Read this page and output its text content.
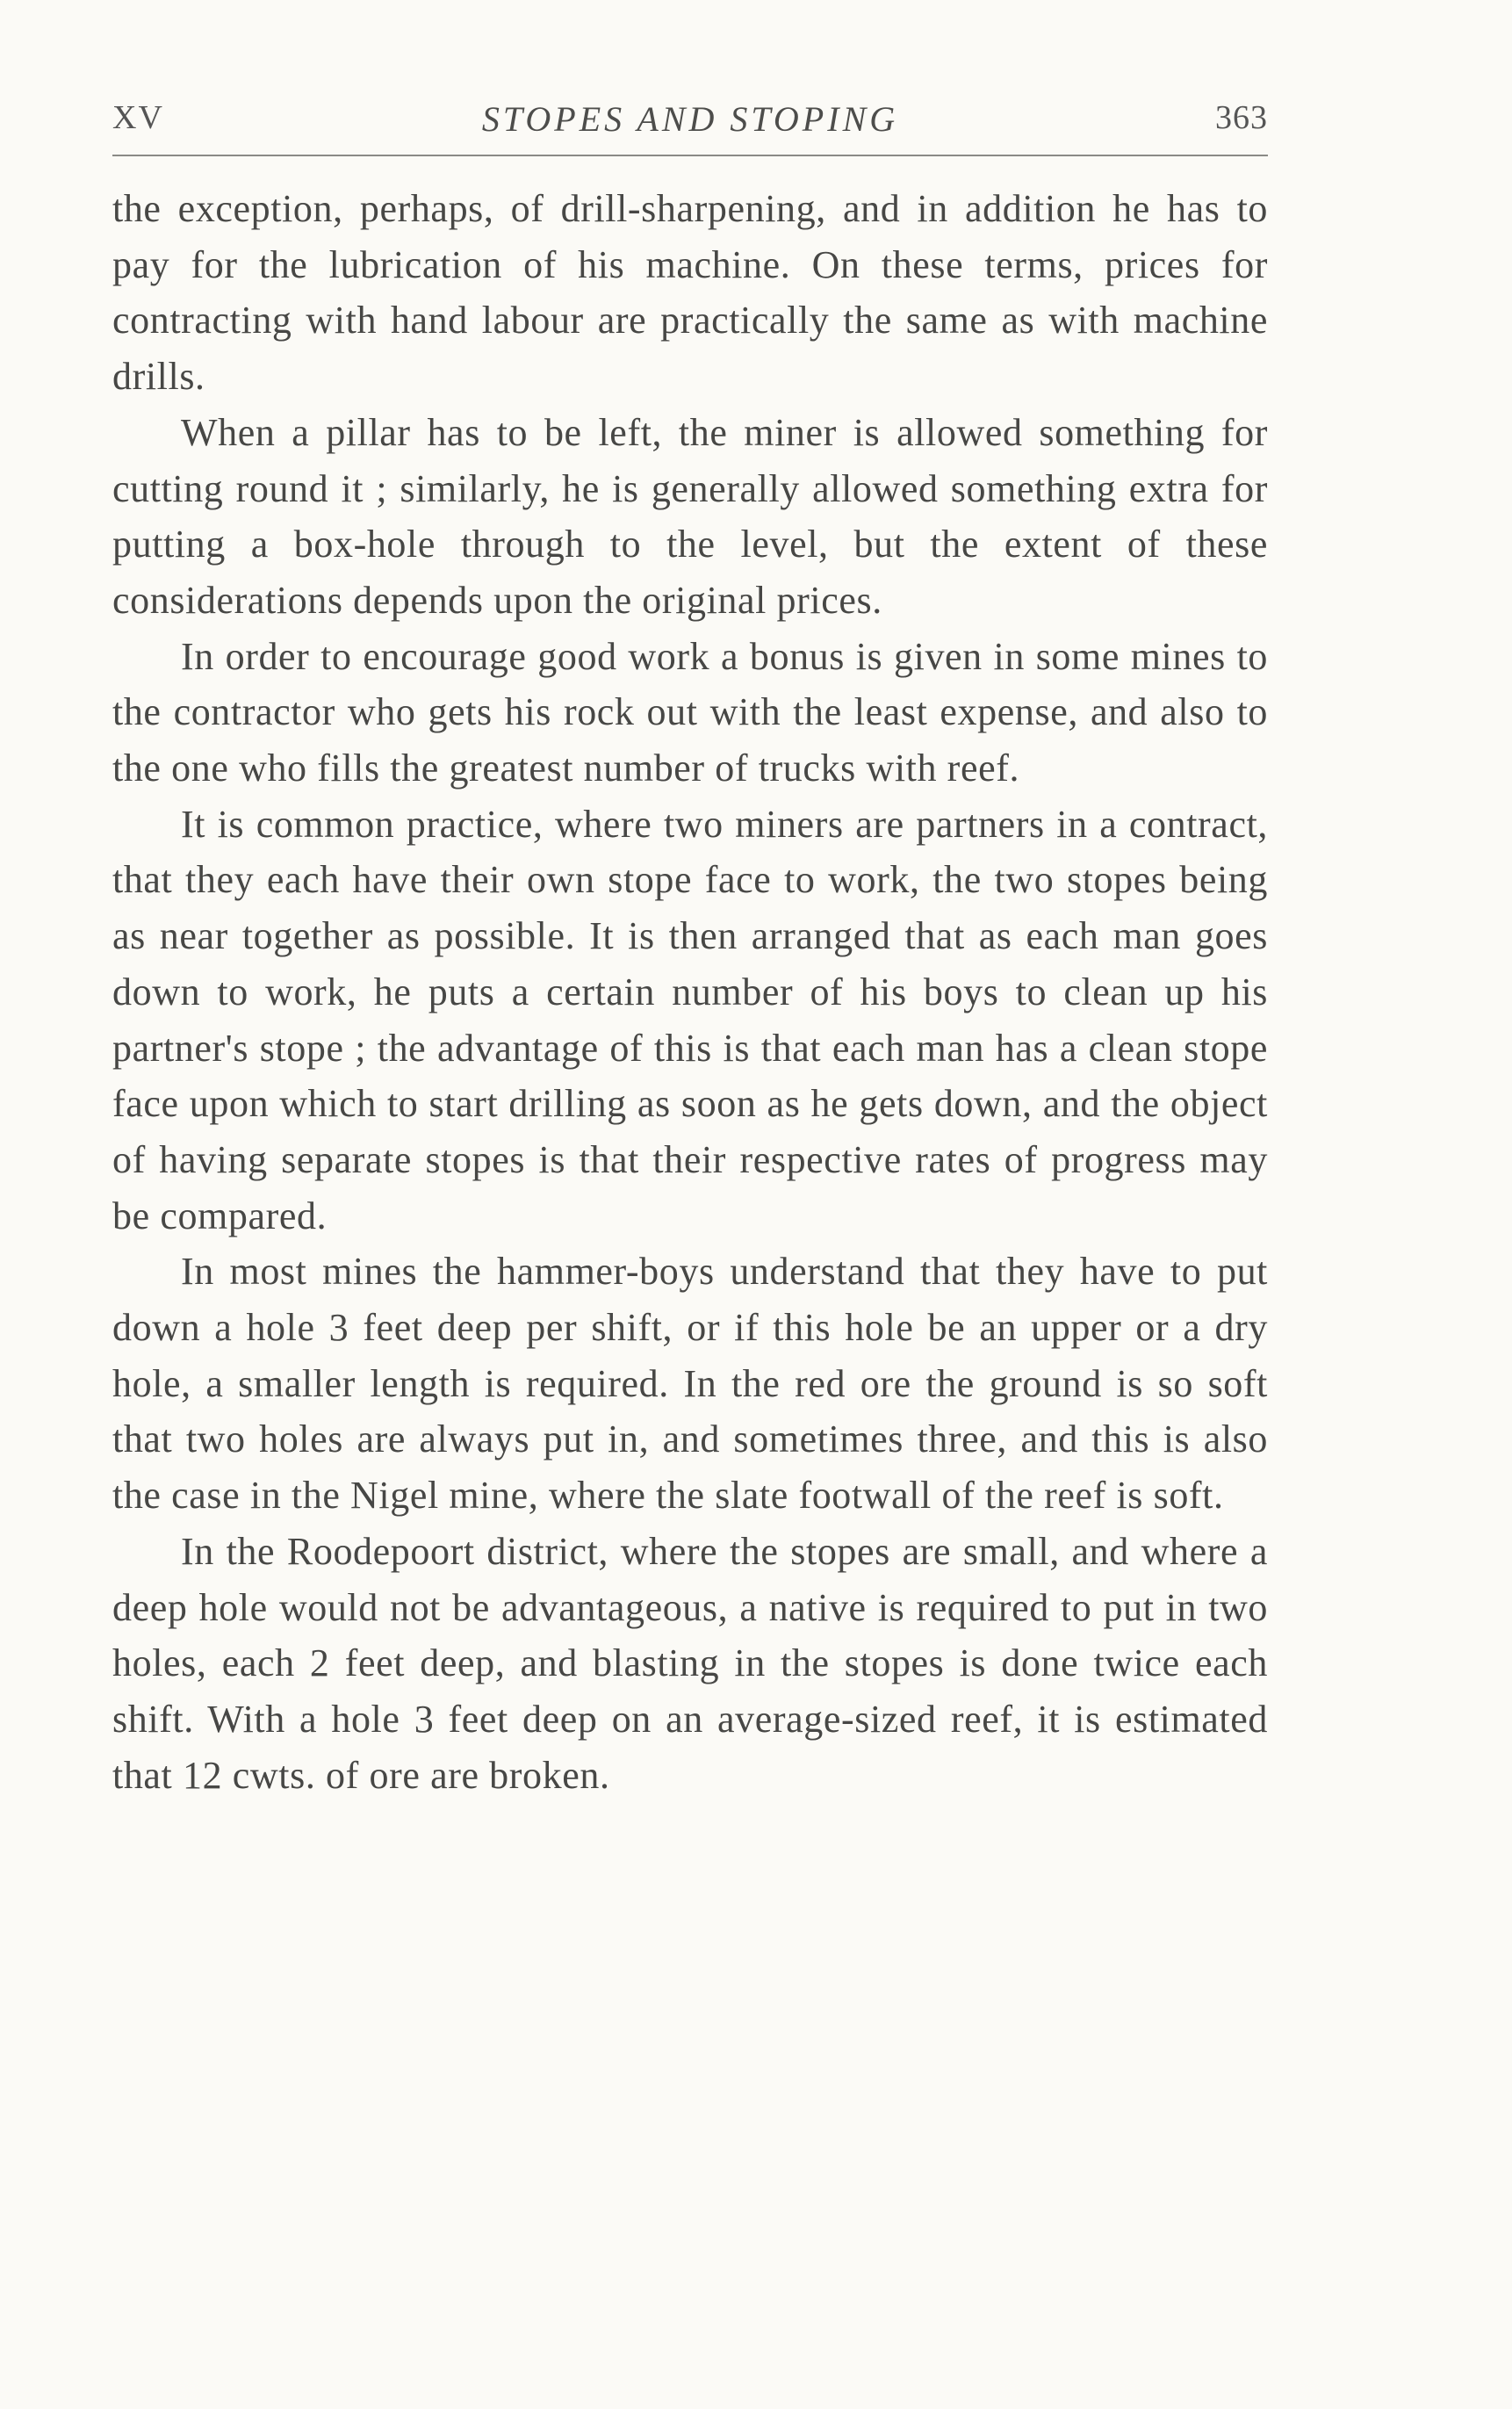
XV	STOPES AND STOPING	363

the exception, perhaps, of drill-sharpening, and in addition he has to pay for the lubrication of his machine. On these terms, prices for contracting with hand labour are practically the same as with machine drills.

When a pillar has to be left, the miner is allowed something for cutting round it ; similarly, he is generally allowed something extra for putting a box-hole through to the level, but the extent of these considerations depends upon the original prices.

In order to encourage good work a bonus is given in some mines to the contractor who gets his rock out with the least expense, and also to the one who fills the greatest number of trucks with reef.

It is common practice, where two miners are partners in a contract, that they each have their own stope face to work, the two stopes being as near together as possible. It is then arranged that as each man goes down to work, he puts a certain number of his boys to clean up his partner's stope ; the advantage of this is that each man has a clean stope face upon which to start drilling as soon as he gets down, and the object of having separate stopes is that their respective rates of progress may be compared.

In most mines the hammer-boys understand that they have to put down a hole 3 feet deep per shift, or if this hole be an upper or a dry hole, a smaller length is required. In the red ore the ground is so soft that two holes are always put in, and sometimes three, and this is also the case in the Nigel mine, where the slate footwall of the reef is soft.

In the Roodepoort district, where the stopes are small, and where a deep hole would not be advantageous, a native is required to put in two holes, each 2 feet deep, and blasting in the stopes is done twice each shift. With a hole 3 feet deep on an average-sized reef, it is estimated that 12 cwts. of ore are broken.
